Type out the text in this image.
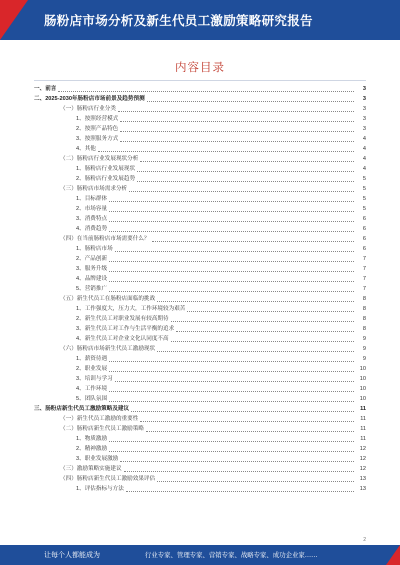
肠粉店市场分析及新生代员工激励策略研究报告
内容目录
一、前言	3
二、2025-2030年肠粉店市场前景及趋势预测	3
（一）肠粉店行业分类	3
1、按照经营模式	3
2、按照产品特色	3
3、按照服务方式	4
4、其他	4
（二）肠粉店行业发展现状分析	4
1、肠粉店行业发展现状	4
2、肠粉店行业发展趋势	5
（三）肠粉店市场需求分析	5
1、目标群体	5
2、市场容量	5
3、消费特点	6
4、消费趋势	6
（四）在当前肠粉店市场需要什么？	6
1、肠粉店市场	6
2、产品创新	7
3、服务升级	7
4、品牌建设	7
5、营销推广	7
（五）新生代员工在肠粉店面临的挑战	8
1、工作强度大，压力大，工作环境较为艰苦	8
2、新生代员工对职业发展有较高期待	8
3、新生代员工对工作与生活平衡的追求	8
4、新生代员工对企业文化认同度不高	9
（六）肠粉店市场新生代员工激励现状	9
1、薪资待遇	9
2、职业发展	10
3、培训与学习	10
4、工作环境	10
5、团队氛围	10
三、肠粉店新生代员工激励策略及建议	11
（一）新生代员工激励的重要性	11
（二）肠粉店新生代员工激励策略	11
1、物质激励	11
2、精神激励	12
3、职业发展激励	12
（三）激励策略实施建议	12
（四）肠粉店新生代员工激励效果评估	13
1、评估指标与方法	13
2
让每个人都能成为	行业专家、管理专家、营销专家、战略专家、成功企业家……
